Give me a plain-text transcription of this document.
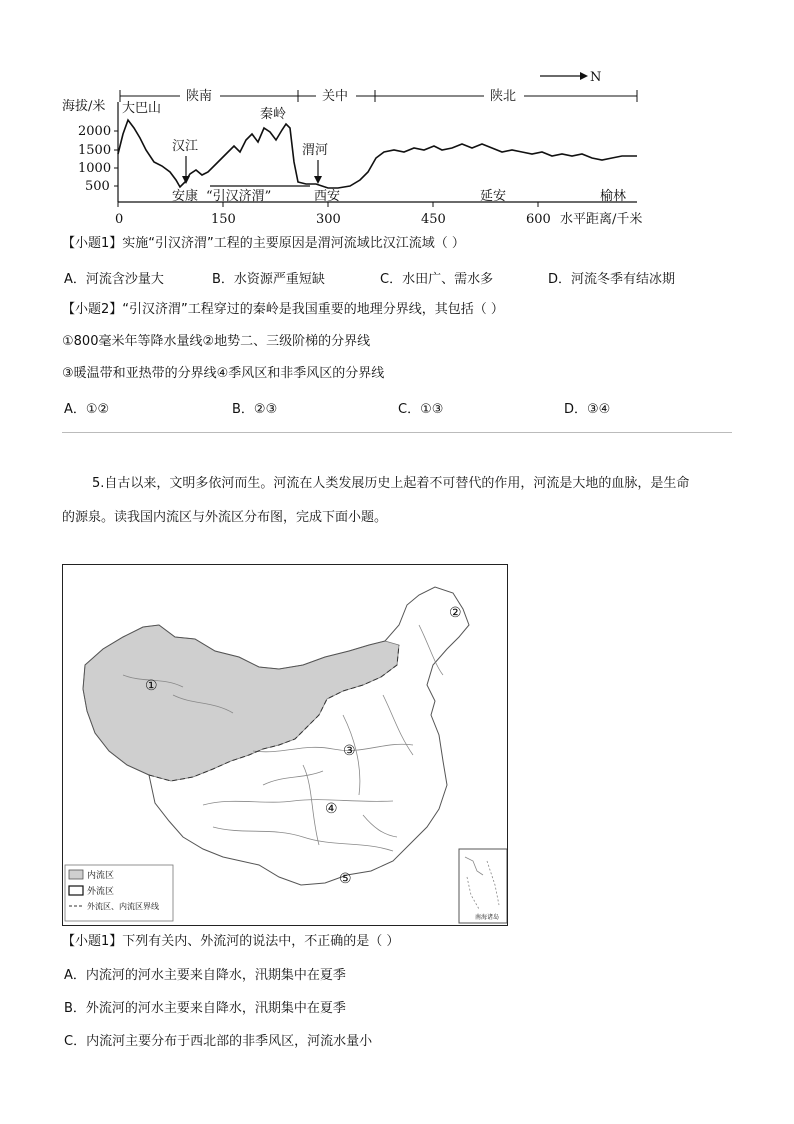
N
陕南	关中	陕北
海拔/米
2000
1500
1000
500
0	150	300	450	600 水平距离/千米
大巴山
汉江
秦岭
渭河
安康 “引汉济渭”	西安	延安	榆林
【小题1】实施“引汉济渭”工程的主要原因是渭河流域比汉江流域（ ）
A．河流含沙量大	B．水资源严重短缺	C．水田广、需水多	D．河流冬季有结冰期
【小题2】“引汉济渭”工程穿过的秦岭是我国重要的地理分界线，其包括（ ）
①800毫米年等降水量线②地势二、三级阶梯的分界线
③暖温带和亚热带的分界线④季风区和非季风区的分界线
A．①②	B．②③	C．①③	D．③④
5.自古以来，文明多依河而生。河流在人类发展历史上起着不可替代的作用，河流是大地的血脉，是生命
的源泉。读我国内流区与外流区分布图，完成下面小题。
①
②
③
④
⑤
内流区
外流区
外流区、内流区界线
南海诸岛
【小题1】下列有关内、外流河的说法中，不正确的是（ ）
A．内流河的河水主要来自降水，汛期集中在夏季
B．外流河的河水主要来自降水，汛期集中在夏季
C．内流河主要分布于西北部的非季风区，河流水量小
